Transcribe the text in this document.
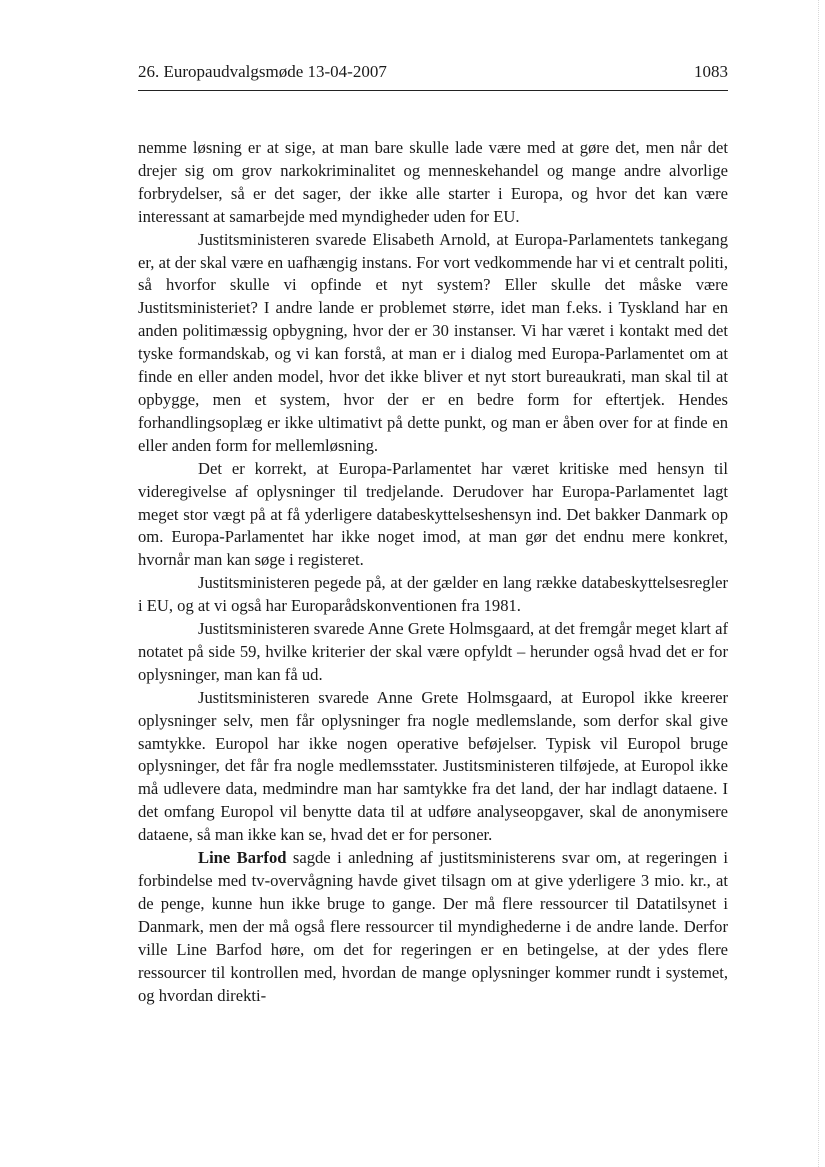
26. Europaudvalgsmøde 13-04-2007	1083

nemme løsning er at sige, at man bare skulle lade være med at gøre det, men når det drejer sig om grov narkokriminalitet og menneskehandel og mange andre alvorlige forbrydelser, så er det sager, der ikke alle starter i Europa, og hvor det kan være interessant at samarbejde med myndigheder uden for EU.

Justitsministeren svarede Elisabeth Arnold, at Europa-Parlamentets tankegang er, at der skal være en uafhængig instans. For vort vedkommende har vi et centralt politi, så hvorfor skulle vi opfinde et nyt system? Eller skulle det måske være Justitsministeriet? I andre lande er problemet større, idet man f.eks. i Tyskland har en anden politimæssig opbygning, hvor der er 30 instanser. Vi har været i kontakt med det tyske formandskab, og vi kan forstå, at man er i dialog med Europa-Parlamentet om at finde en eller anden model, hvor det ikke bliver et nyt stort bureaukrati, man skal til at opbygge, men et system, hvor der er en bedre form for eftertjek. Hendes forhandlingsoplæg er ikke ultimativt på dette punkt, og man er åben over for at finde en eller anden form for mellemløsning.

Det er korrekt, at Europa-Parlamentet har været kritiske med hensyn til videregivelse af oplysninger til tredjelande. Derudover har Europa-Parlamentet lagt meget stor vægt på at få yderligere databeskyttelseshensyn ind. Det bakker Danmark op om. Europa-Parlamentet har ikke noget imod, at man gør det endnu mere konkret, hvornår man kan søge i registeret.

Justitsministeren pegede på, at der gælder en lang række databeskyttelsesregler i EU, og at vi også har Europarådskonventionen fra 1981.

Justitsministeren svarede Anne Grete Holmsgaard, at det fremgår meget klart af notatet på side 59, hvilke kriterier der skal være opfyldt – herunder også hvad det er for oplysninger, man kan få ud.

Justitsministeren svarede Anne Grete Holmsgaard, at Europol ikke kreerer oplysninger selv, men får oplysninger fra nogle medlemslande, som derfor skal give samtykke. Europol har ikke nogen operative beføjelser. Typisk vil Europol bruge oplysninger, det får fra nogle medlemsstater. Justitsministeren tilføjede, at Europol ikke må udlevere data, medmindre man har samtykke fra det land, der har indlagt dataene. I det omfang Europol vil benytte data til at udføre analyseopgaver, skal de anonymisere dataene, så man ikke kan se, hvad det er for personer.

Line Barfod sagde i anledning af justitsministerens svar om, at regeringen i forbindelse med tv-overvågning havde givet tilsagn om at give yderligere 3 mio. kr., at de penge, kunne hun ikke bruge to gange. Der må flere ressourcer til Datatilsynet i Danmark, men der må også flere ressourcer til myndighederne i de andre lande. Derfor ville Line Barfod høre, om det for regeringen er en betingelse, at der ydes flere ressourcer til kontrollen med, hvordan de mange oplysninger kommer rundt i systemet, og hvordan direkti-
